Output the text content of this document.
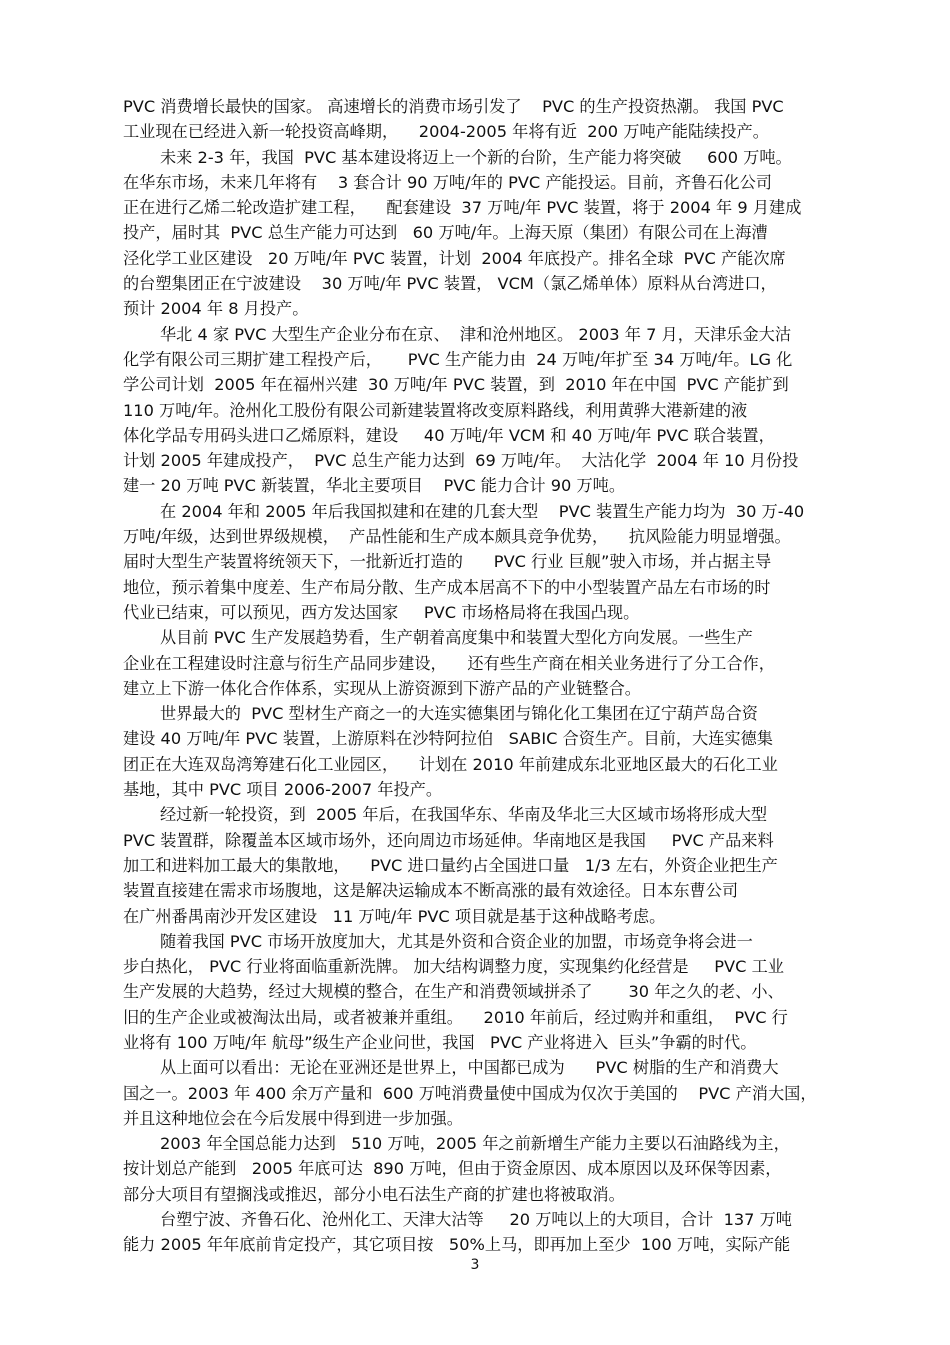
PVC 消费增长最快的国家。 高速增长的消费市场引发了    PVC 的生产投资热潮。 我国 PVC
工业现在已经进入新一轮投资高峰期，    2004-2005 年将有近  200 万吨产能陆续投产。
未来 2-3 年，我国  PVC 基本建设将迈上一个新的台阶，生产能力将突破     600 万吨。
在华东市场，未来几年将有    3 套合计 90 万吨/年的 PVC 产能投运。目前，齐鲁石化公司
正在进行乙烯二轮改造扩建工程，    配套建设  37 万吨/年 PVC 装置，将于 2004 年 9 月建成
投产，届时其  PVC 总生产能力可达到   60 万吨/年。上海天原（集团）有限公司在上海漕
泾化学工业区建设   20 万吨/年 PVC 装置，计划  2004 年底投产。排名全球  PVC 产能次席
的台塑集团正在宁波建设    30 万吨/年 PVC 装置， VCM（氯乙烯单体）原料从台湾进口，
预计 2004 年 8 月投产。
华北 4 家 PVC 大型生产企业分布在京、  津和沧州地区。 2003 年 7 月，天津乐金大沽
化学有限公司三期扩建工程投产后，     PVC 生产能力由  24 万吨/年扩至 34 万吨/年。LG 化
学公司计划  2005 年在福州兴建  30 万吨/年 PVC 装置，到  2010 年在中国  PVC 产能扩到
110 万吨/年。沧州化工股份有限公司新建装置将改变原料路线，利用黄骅大港新建的液
体化学品专用码头进口乙烯原料，建设     40 万吨/年 VCM 和 40 万吨/年 PVC 联合装置，
计划 2005 年建成投产，  PVC 总生产能力达到  69 万吨/年。  大沽化学  2004 年 10 月份投
建一 20 万吨 PVC 新装置，华北主要项目    PVC 能力合计 90 万吨。
在 2004 年和 2005 年后我国拟建和在建的几套大型    PVC 装置生产能力均为  30 万-40
万吨/年级，达到世界级规模，  产品性能和生产成本颇具竞争优势，    抗风险能力明显增强。
届时大型生产装置将统领天下，一批新近打造的      PVC 行业 巨舰”驶入市场，并占据主导
地位，预示着集中度差、生产布局分散、生产成本居高不下的中小型装置产品左右市场的时
代业已结束，可以预见，西方发达国家     PVC 市场格局将在我国凸现。
从目前 PVC 生产发展趋势看，生产朝着高度集中和装置大型化方向发展。一些生产
企业在工程建设时注意与衍生产品同步建设，    还有些生产商在相关业务进行了分工合作，
建立上下游一体化合作体系，实现从上游资源到下游产品的产业链整合。
世界最大的  PVC 型材生产商之一的大连实德集团与锦化化工集团在辽宁葫芦岛合资
建设 40 万吨/年 PVC 装置，上游原料在沙特阿拉伯   SABIC 合资生产。目前，大连实德集
团正在大连双岛湾筹建石化工业园区，    计划在 2010 年前建成东北亚地区最大的石化工业
基地，其中 PVC 项目 2006-2007 年投产。
经过新一轮投资，到  2005 年后，在我国华东、华南及华北三大区域市场将形成大型
PVC 装置群，除覆盖本区域市场外，还向周边市场延伸。华南地区是我国     PVC 产品来料
加工和进料加工最大的集散地，    PVC 进口量约占全国进口量   1/3 左右，外资企业把生产
装置直接建在需求市场腹地，这是解决运输成本不断高涨的最有效途径。日本东曹公司
在广州番禺南沙开发区建设   11 万吨/年 PVC 项目就是基于这种战略考虑。
随着我国 PVC 市场开放度加大，尤其是外资和合资企业的加盟，市场竞争将会进一
步白热化， PVC 行业将面临重新洗牌。 加大结构调整力度，实现集约化经营是     PVC 工业
生产发展的大趋势，经过大规模的整合，在生产和消费领域拼杀了       30 年之久的老、小、
旧的生产企业或被淘汰出局，或者被兼并重组。    2010 年前后，经过购并和重组，  PVC 行
业将有 100 万吨/年 航母”级生产企业问世，我国   PVC 产业将进入  巨头”争霸的时代。
从上面可以看出：无论在亚洲还是世界上，中国都已成为      PVC 树脂的生产和消费大
国之一。2003 年 400 余万产量和  600 万吨消费量使中国成为仅次于美国的    PVC 产消大国，
并且这种地位会在今后发展中得到进一步加强。
2003 年全国总能力达到   510 万吨，2005 年之前新增生产能力主要以石油路线为主，
按计划总产能到   2005 年底可达  890 万吨，但由于资金原因、成本原因以及环保等因素，
部分大项目有望搁浅或推迟，部分小电石法生产商的扩建也将被取消。
台塑宁波、齐鲁石化、沧州化工、天津大沽等     20 万吨以上的大项目，合计  137 万吨
能力 2005 年年底前肯定投产，其它项目按   50%上马，即再加上至少  100 万吨，实际产能
3
